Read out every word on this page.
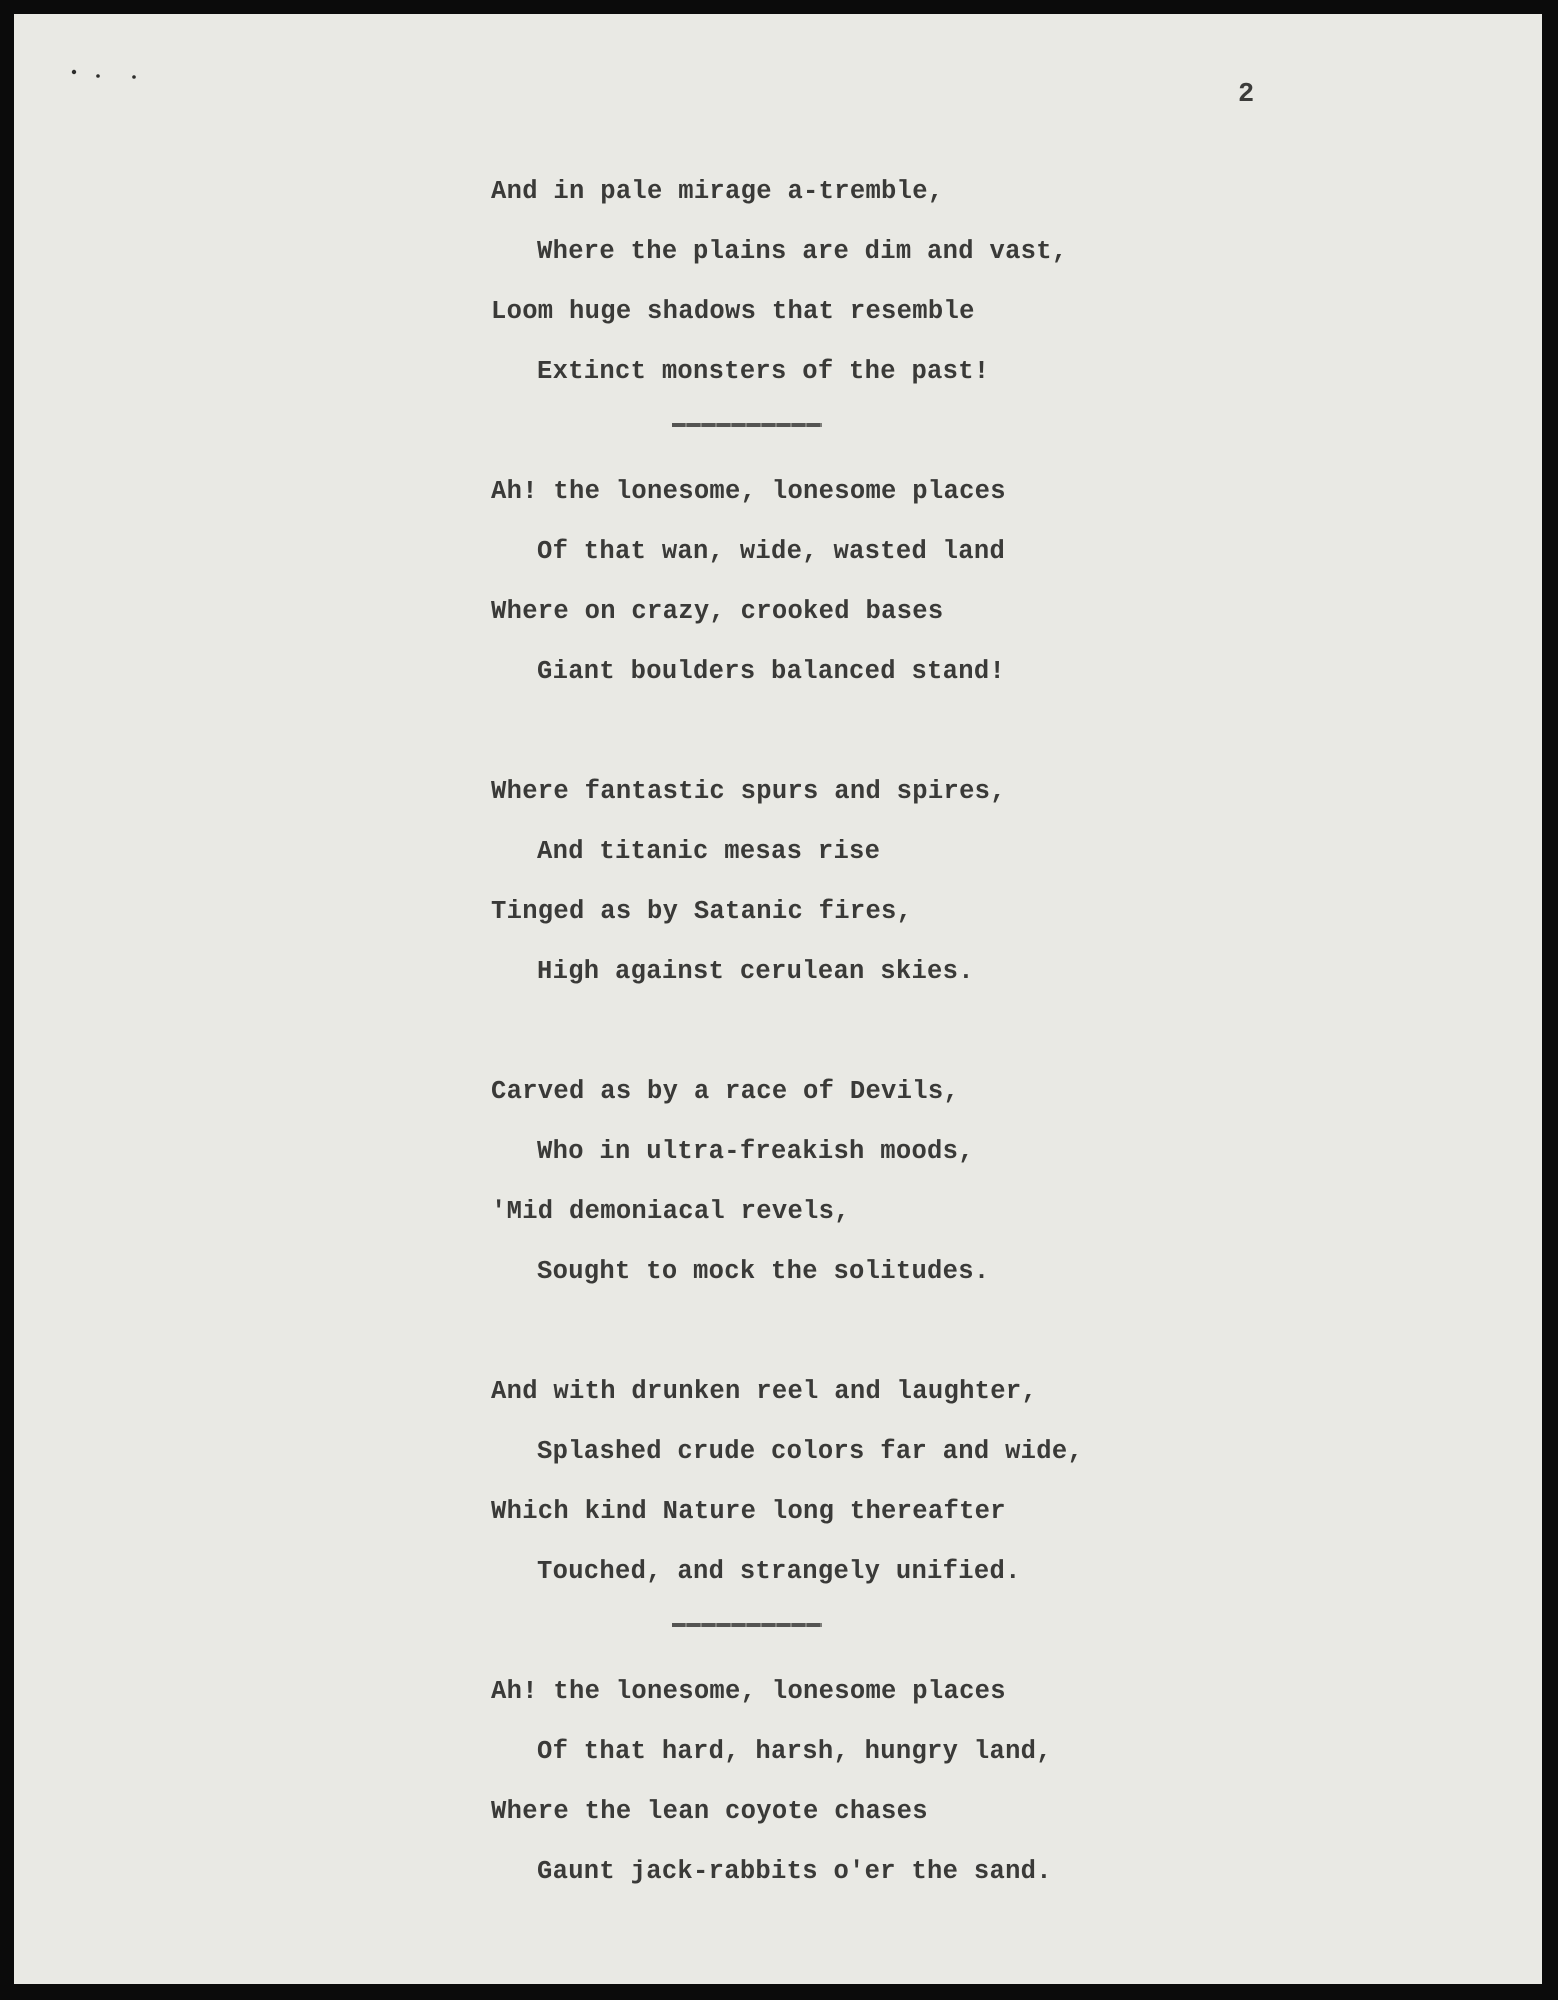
2
And in pale mirage a-tremble,
Where the plains are dim and vast,
Loom huge shadows that resemble
Extinct monsters of the past!
Ah! the lonesome, lonesome places
Of that wan, wide, wasted land
Where on crazy, crooked bases
Giant boulders balanced stand!
Where fantastic spurs and spires,
And titanic mesas rise
Tinged as by Satanic fires,
High against cerulean skies.
Carved as by a race of Devils,
Who in ultra-freakish moods,
'Mid demoniacal revels,
Sought to mock the solitudes.
And with drunken reel and laughter,
Splashed crude colors far and wide,
Which kind Nature long thereafter
Touched, and strangely unified.
Ah! the lonesome, lonesome places
Of that hard, harsh, hungry land,
Where the lean coyote chases
Gaunt jack-rabbits o'er the sand.
